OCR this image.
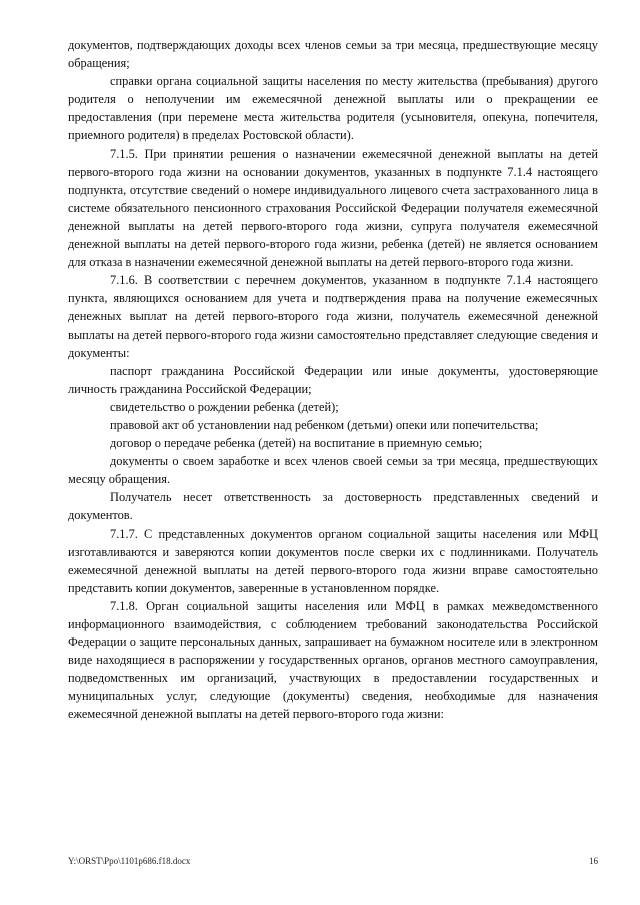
документов, подтверждающих доходы всех членов семьи за три месяца, предшествующие месяцу обращения;

справки органа социальной защиты населения по месту жительства (пребывания) другого родителя о неполучении им ежемесячной денежной выплаты или о прекращении ее предоставления (при перемене места жительства родителя (усыновителя, опекуна, попечителя, приемного родителя) в пределах Ростовской области).

7.1.5. При принятии решения о назначении ежемесячной денежной выплаты на детей первого-второго года жизни на основании документов, указанных в подпункте 7.1.4 настоящего подпункта, отсутствие сведений о номере индивидуального лицевого счета застрахованного лица в системе обязательного пенсионного страхования Российской Федерации получателя ежемесячной денежной выплаты на детей первого-второго года жизни, супруга получателя ежемесячной денежной выплаты на детей первого-второго года жизни, ребенка (детей) не является основанием для отказа в назначении ежемесячной денежной выплаты на детей первого-второго года жизни.

7.1.6. В соответствии с перечнем документов, указанном в подпункте 7.1.4 настоящего пункта, являющихся основанием для учета и подтверждения права на получение ежемесячных денежных выплат на детей первого-второго года жизни, получатель ежемесячной денежной выплаты на детей первого-второго года жизни самостоятельно представляет следующие сведения и документы:

паспорт гражданина Российской Федерации или иные документы, удостоверяющие личность гражданина Российской Федерации;

свидетельство о рождении ребенка (детей);

правовой акт об установлении над ребенком (детьми) опеки или попечительства;

договор о передаче ребенка (детей) на воспитание в приемную семью;

документы о своем заработке и всех членов своей семьи за три месяца, предшествующих месяцу обращения.

Получатель несет ответственность за достоверность представленных сведений и документов.

7.1.7. С представленных документов органом социальной защиты населения или МФЦ изготавливаются и заверяются копии документов после сверки их с подлинниками. Получатель ежемесячной денежной выплаты на детей первого-второго года жизни вправе самостоятельно представить копии документов, заверенные в установленном порядке.

7.1.8. Орган социальной защиты населения или МФЦ в рамках межведомственного информационного взаимодействия, с соблюдением требований законодательства Российской Федерации о защите персональных данных, запрашивает на бумажном носителе или в электронном виде находящиеся в распоряжении у государственных органов, органов местного самоуправления, подведомственных им организаций, участвующих в предоставлении государственных и муниципальных услуг, следующие (документы) сведения, необходимые для назначения ежемесячной денежной выплаты на детей первого-второго года жизни:

Y:\ORST\Ppo\1101p686.f18.docx	16
